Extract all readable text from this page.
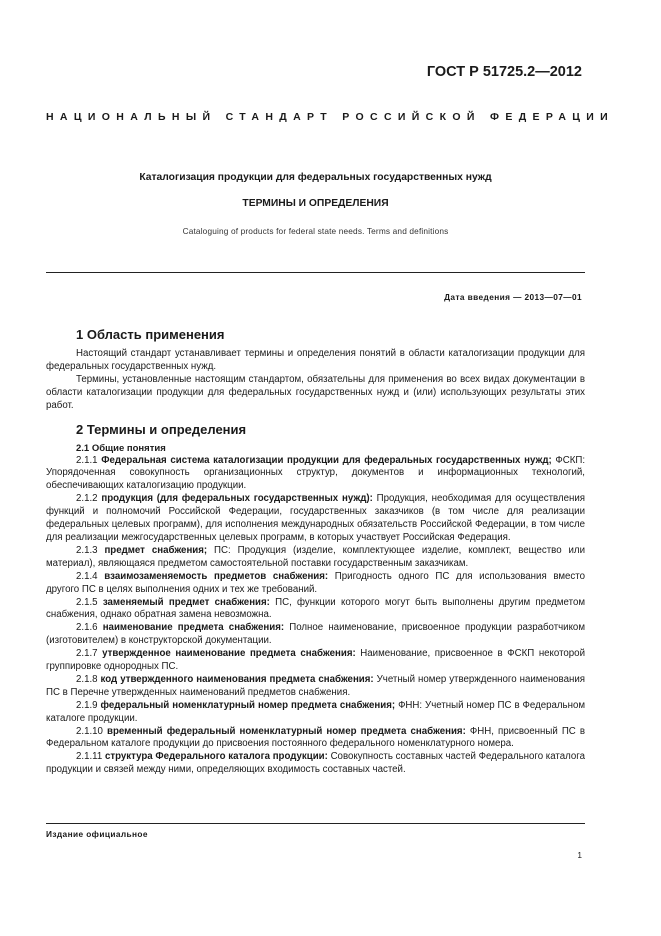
ГОСТ Р 51725.2—2012
НАЦИОНАЛЬНЫЙ СТАНДАРТ РОССИЙСКОЙ ФЕДЕРАЦИИ
Каталогизация продукции для федеральных государственных нужд
ТЕРМИНЫ И ОПРЕДЕЛЕНИЯ
Cataloguing of products for federal state needs. Terms and definitions
Дата введения — 2013—07—01
1 Область применения

Настоящий стандарт устанавливает термины и определения понятий в области каталогизации продукции для федеральных государственных нужд.

Термины, установленные настоящим стандартом, обязательны для применения во всех видах документации в области каталогизации продукции для федеральных государственных нужд и (или) использующих результаты этих работ.

2 Термины и определения
2.1 Общие понятия

2.1.1 Федеральная система каталогизации продукции для федеральных государственных нужд; ФСКП: Упорядоченная совокупность организационных структур, документов и информационных технологий, обеспечивающих каталогизацию продукции.

2.1.2 продукция (для федеральных государственных нужд): Продукция, необходимая для осуществления функций и полномочий Российской Федерации, государственных заказчиков (в том числе для реализации федеральных целевых программ), для исполнения международных обязательств Российской Федерации, в том числе для реализации межгосударственных целевых программ, в которых участвует Российская Федерация.

2.1.3 предмет снабжения; ПС: Продукция (изделие, комплектующее изделие, комплект, вещество или материал), являющаяся предметом самостоятельной поставки государственным заказчикам.

2.1.4 взаимозаменяемость предметов снабжения: Пригодность одного ПС для использования вместо другого ПС в целях выполнения одних и тех же требований.

2.1.5 заменяемый предмет снабжения: ПС, функции которого могут быть выполнены другим предметом снабжения, однако обратная замена невозможна.

2.1.6 наименование предмета снабжения: Полное наименование, присвоенное продукции разработчиком (изготовителем) в конструкторской документации.

2.1.7 утвержденное наименование предмета снабжения: Наименование, присвоенное в ФСКП некоторой группировке однородных ПС.

2.1.8 код утвержденного наименования предмета снабжения: Учетный номер утвержденного наименования ПС в Перечне утвержденных наименований предметов снабжения.

2.1.9 федеральный номенклатурный номер предмета снабжения; ФНН: Учетный номер ПС в Федеральном каталоге продукции.

2.1.10 временный федеральный номенклатурный номер предмета снабжения: ФНН, присвоенный ПС в Федеральном каталоге продукции до присвоения постоянного федерального номенклатурного номера.

2.1.11 структура Федерального каталога продукции: Совокупность составных частей Федерального каталога продукции и связей между ними, определяющих входимость составных частей.

Издание официальное
1
